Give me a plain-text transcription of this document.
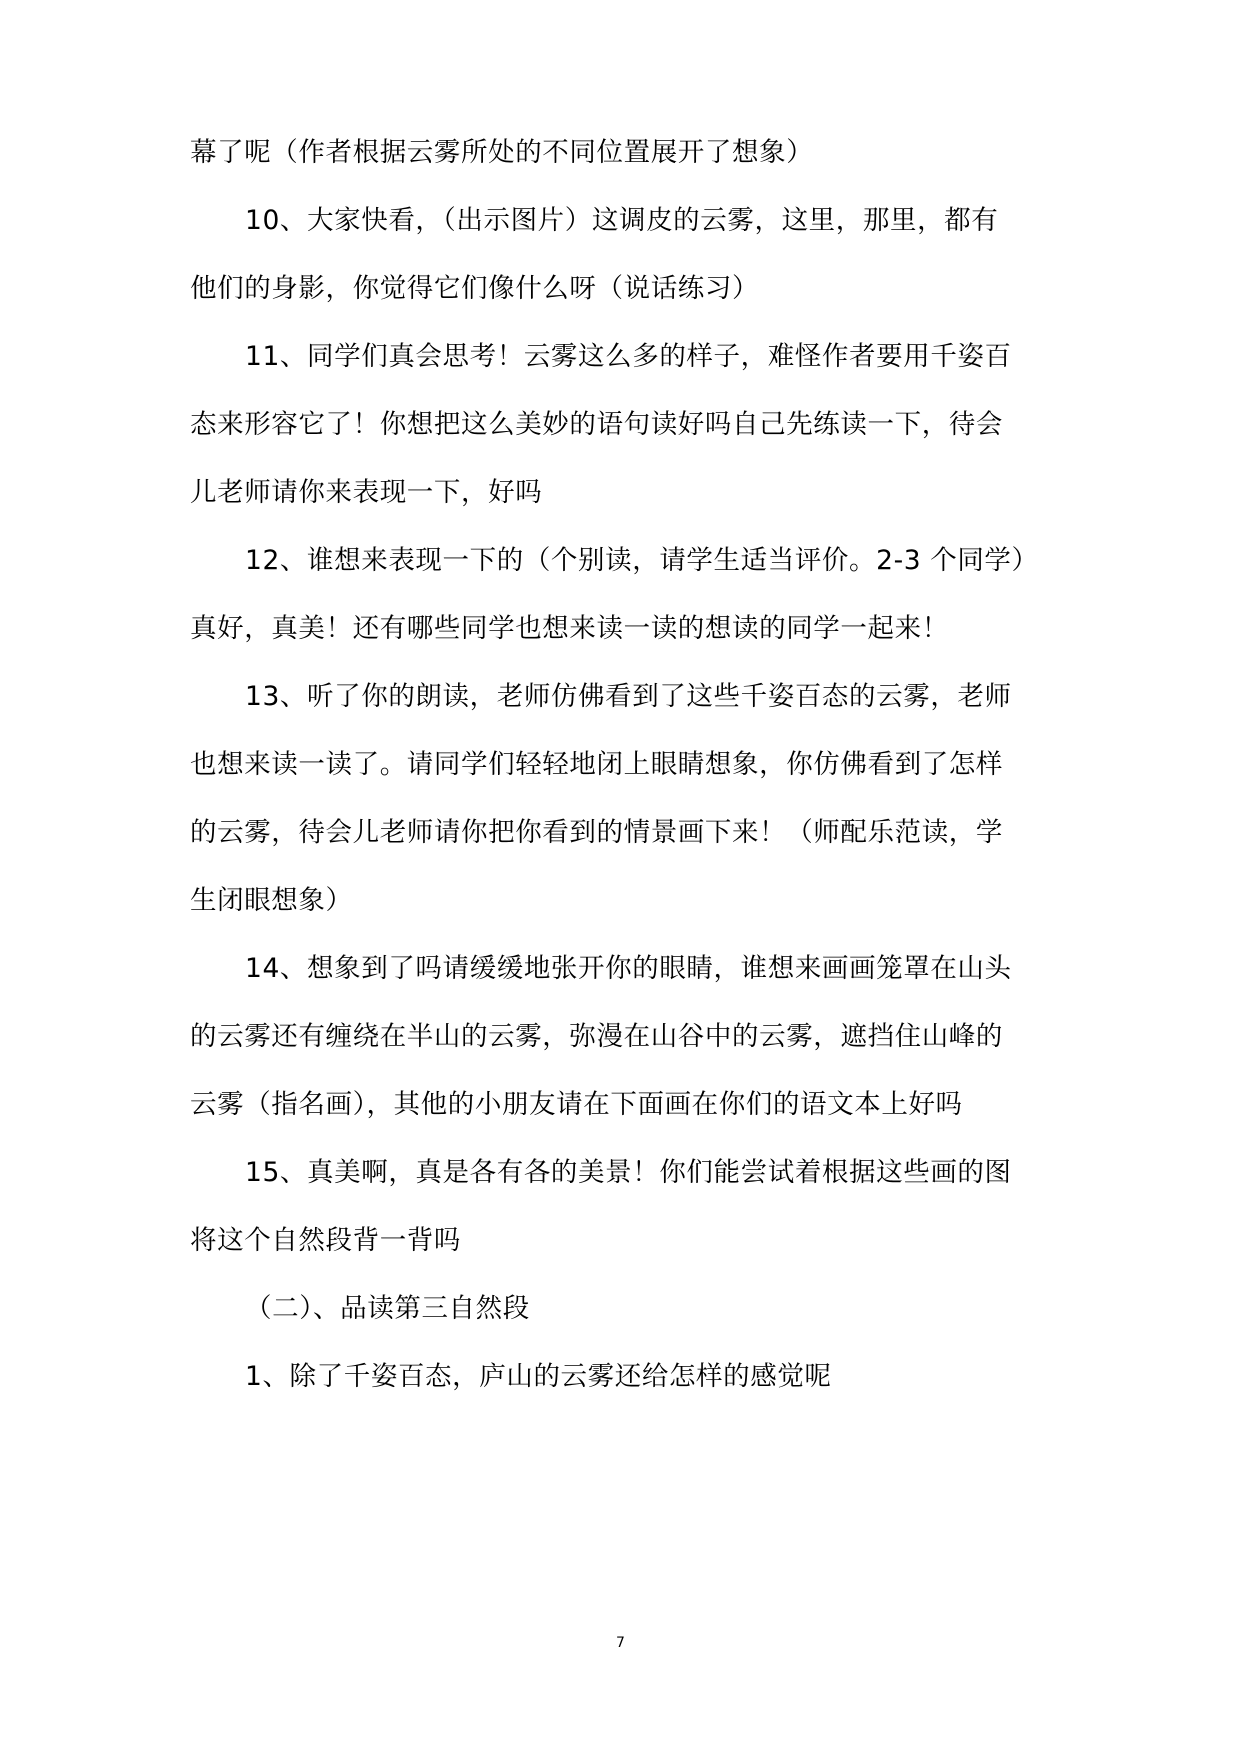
幕了呢（作者根据云雾所处的不同位置展开了想象）

10、大家快看，（出示图片）这调皮的云雾，这里，那里，都有

他们的身影，你觉得它们像什么呀（说话练习）

11、同学们真会思考！云雾这么多的样子，难怪作者要用千姿百

态来形容它了！你想把这么美妙的语句读好吗自己先练读一下，待会

儿老师请你来表现一下，好吗

12、谁想来表现一下的（个别读，请学生适当评价。2-3 个同学）

真好，真美！还有哪些同学也想来读一读的想读的同学一起来！

13、听了你的朗读，老师仿佛看到了这些千姿百态的云雾，老师

也想来读一读了。请同学们轻轻地闭上眼睛想象，你仿佛看到了怎样

的云雾，待会儿老师请你把你看到的情景画下来！（师配乐范读，学

生闭眼想象）

14、想象到了吗请缓缓地张开你的眼睛，谁想来画画笼罩在山头

的云雾还有缠绕在半山的云雾，弥漫在山谷中的云雾，遮挡住山峰的

云雾（指名画），其他的小朋友请在下面画在你们的语文本上好吗

15、真美啊，真是各有各的美景！你们能尝试着根据这些画的图

将这个自然段背一背吗

（二）、品读第三自然段

1、除了千姿百态，庐山的云雾还给怎样的感觉呢

7
